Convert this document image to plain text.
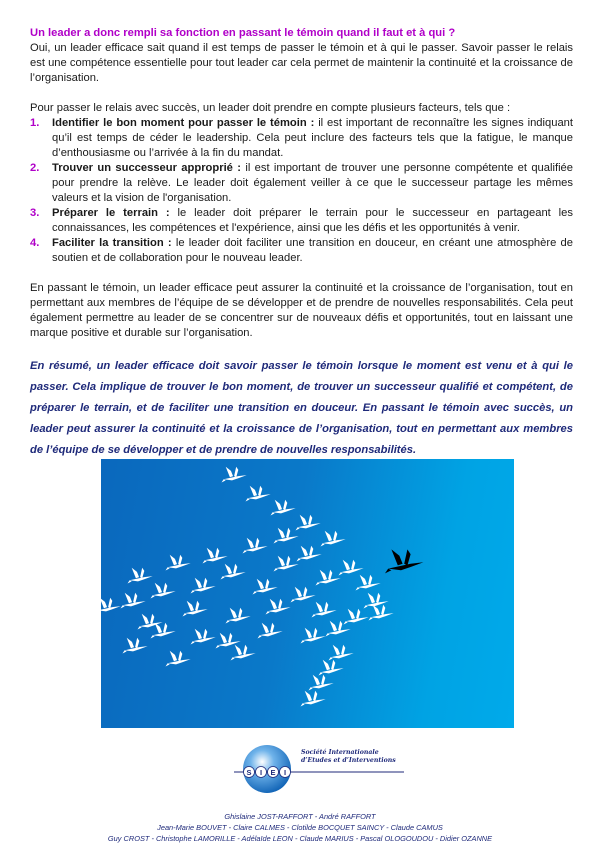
Un leader a donc rempli sa fonction en passant le témoin quand il faut et à qui ?

Oui, un leader efficace sait quand il est temps de passer le témoin et à qui le passer. Savoir passer le relais est une compétence essentielle pour tout leader car cela permet de maintenir la continuité et la croissance de l’organisation.

Pour passer le relais avec succès, un leader doit prendre en compte plusieurs facteurs, tels que :

1. Identifier le bon moment pour passer le témoin : il est important de reconnaître les signes indiquant qu’il est temps de céder le leadership. Cela peut inclure des facteurs tels que la fatigue, le manque d’enthousiasme ou l’arrivée à la fin du mandat.
2. Trouver un successeur approprié : il est important de trouver une personne compétente et qualifiée pour prendre la relève. Le leader doit également veiller à ce que le successeur partage les mêmes valeurs et la vision de l'organisation.
3. Préparer le terrain : le leader doit préparer le terrain pour le successeur en partageant les connaissances, les compétences et l'expérience, ainsi que les défis et les opportunités à venir.
4. Faciliter la transition : le leader doit faciliter une transition en douceur, en créant une atmosphère de soutien et de collaboration pour le nouveau leader.

En passant le témoin, un leader efficace peut assurer la continuité et la croissance de l’organisation, tout en permettant aux membres de l’équipe de se développer et de prendre de nouvelles responsabilités. Cela peut également permettre au leader de se concentrer sur de nouveaux défis et opportunités, tout en laissant une marque positive et durable sur l’organisation.

En résumé, un leader efficace doit savoir passer le témoin lorsque le moment est venu et à qui le passer. Cela implique de trouver le bon moment, de trouver un successeur qualifié et compétent, de préparer le terrain, et de faciliter une transition en douceur. En passant le témoin avec succès, un leader peut assurer la continuité et la croissance de l’organisation, tout en permettant aux membres de l’équipe de se développer et de prendre de nouvelles responsabilités.

S I E I
Société Internationale
d’Etudes et d’Interventions
Ghislaine JOST-RAFFORT - André RAFFORT
Jean-Marie BOUVET - Claire CALMES - Clotilde BOCQUET SAINCY - Claude CAMUS
Guy CROST - Christophe LAMORILLE - Adélaïde LEON - Claude MARIUS - Pascal OLOGOUDOU - Didier OZANNE
